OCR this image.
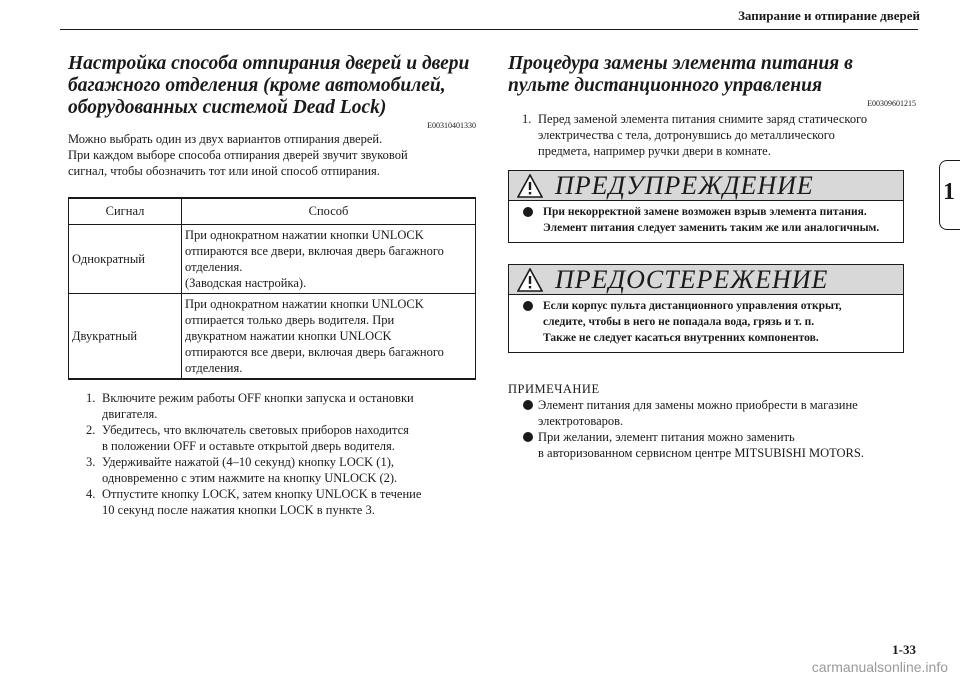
Запирание и отпирание дверей
1
Настройка способа отпирания дверей и двери багажного отделения (кроме автомобилей, оборудованных системой Dead Lock)
E00310401330
Можно выбрать один из двух вариантов отпирания дверей.
При каждом выборе способа отпирания дверей звучит звуковой
сигнал, чтобы обозначить тот или иной способ отпирания.
Сигнал	Способ
Однократный	При однократном нажатии кнопки UNLOCK
отпираются все двери, включая дверь багажного
отделения.
(Заводская настройка).

Двукратный	При однократном нажатии кнопки UNLOCK
отпирается только дверь водителя. При
двукратном нажатии кнопки UNLOCK
отпираются все двери, включая дверь багажного
отделения.
1. Включите режим работы OFF кнопки запуска и остановки
двигателя.
2. Убедитесь, что включатель световых приборов находится
в положении OFF и оставьте открытой дверь водителя.
3. Удерживайте нажатой (4–10 секунд) кнопку LOCK (1),
одновременно с этим нажмите на кнопку UNLOCK (2).
4. Отпустите кнопку LOCK, затем кнопку UNLOCK в течение
10 секунд после нажатия кнопки LOCK в пункте 3.
Процедура замены элемента питания в пульте дистанционного управления
E00309601215
1. Перед заменой элемента питания снимите заряд статического
электричества с тела, дотронувшись до металлического
предмета, например ручки двери в комнате.
ПРЕДУПРЕЖДЕНИЕ
При некорректной замене возможен взрыв элемента питания.
Элемент питания следует заменить таким же или аналогичным.
ПРЕДОСТЕРЕЖЕНИЕ
Если корпус пульта дистанционного управления открыт,
следите, чтобы в него не попадала вода, грязь и т. п.
Также не следует касаться внутренних компонентов.
ПРИМЕЧАНИЕ
Элемент питания для замены можно приобрести в магазине
электротоваров.
При желании, элемент питания можно заменить
в авторизованном сервисном центре MITSUBISHI MOTORS.
1-33
carmanualsonline.info
